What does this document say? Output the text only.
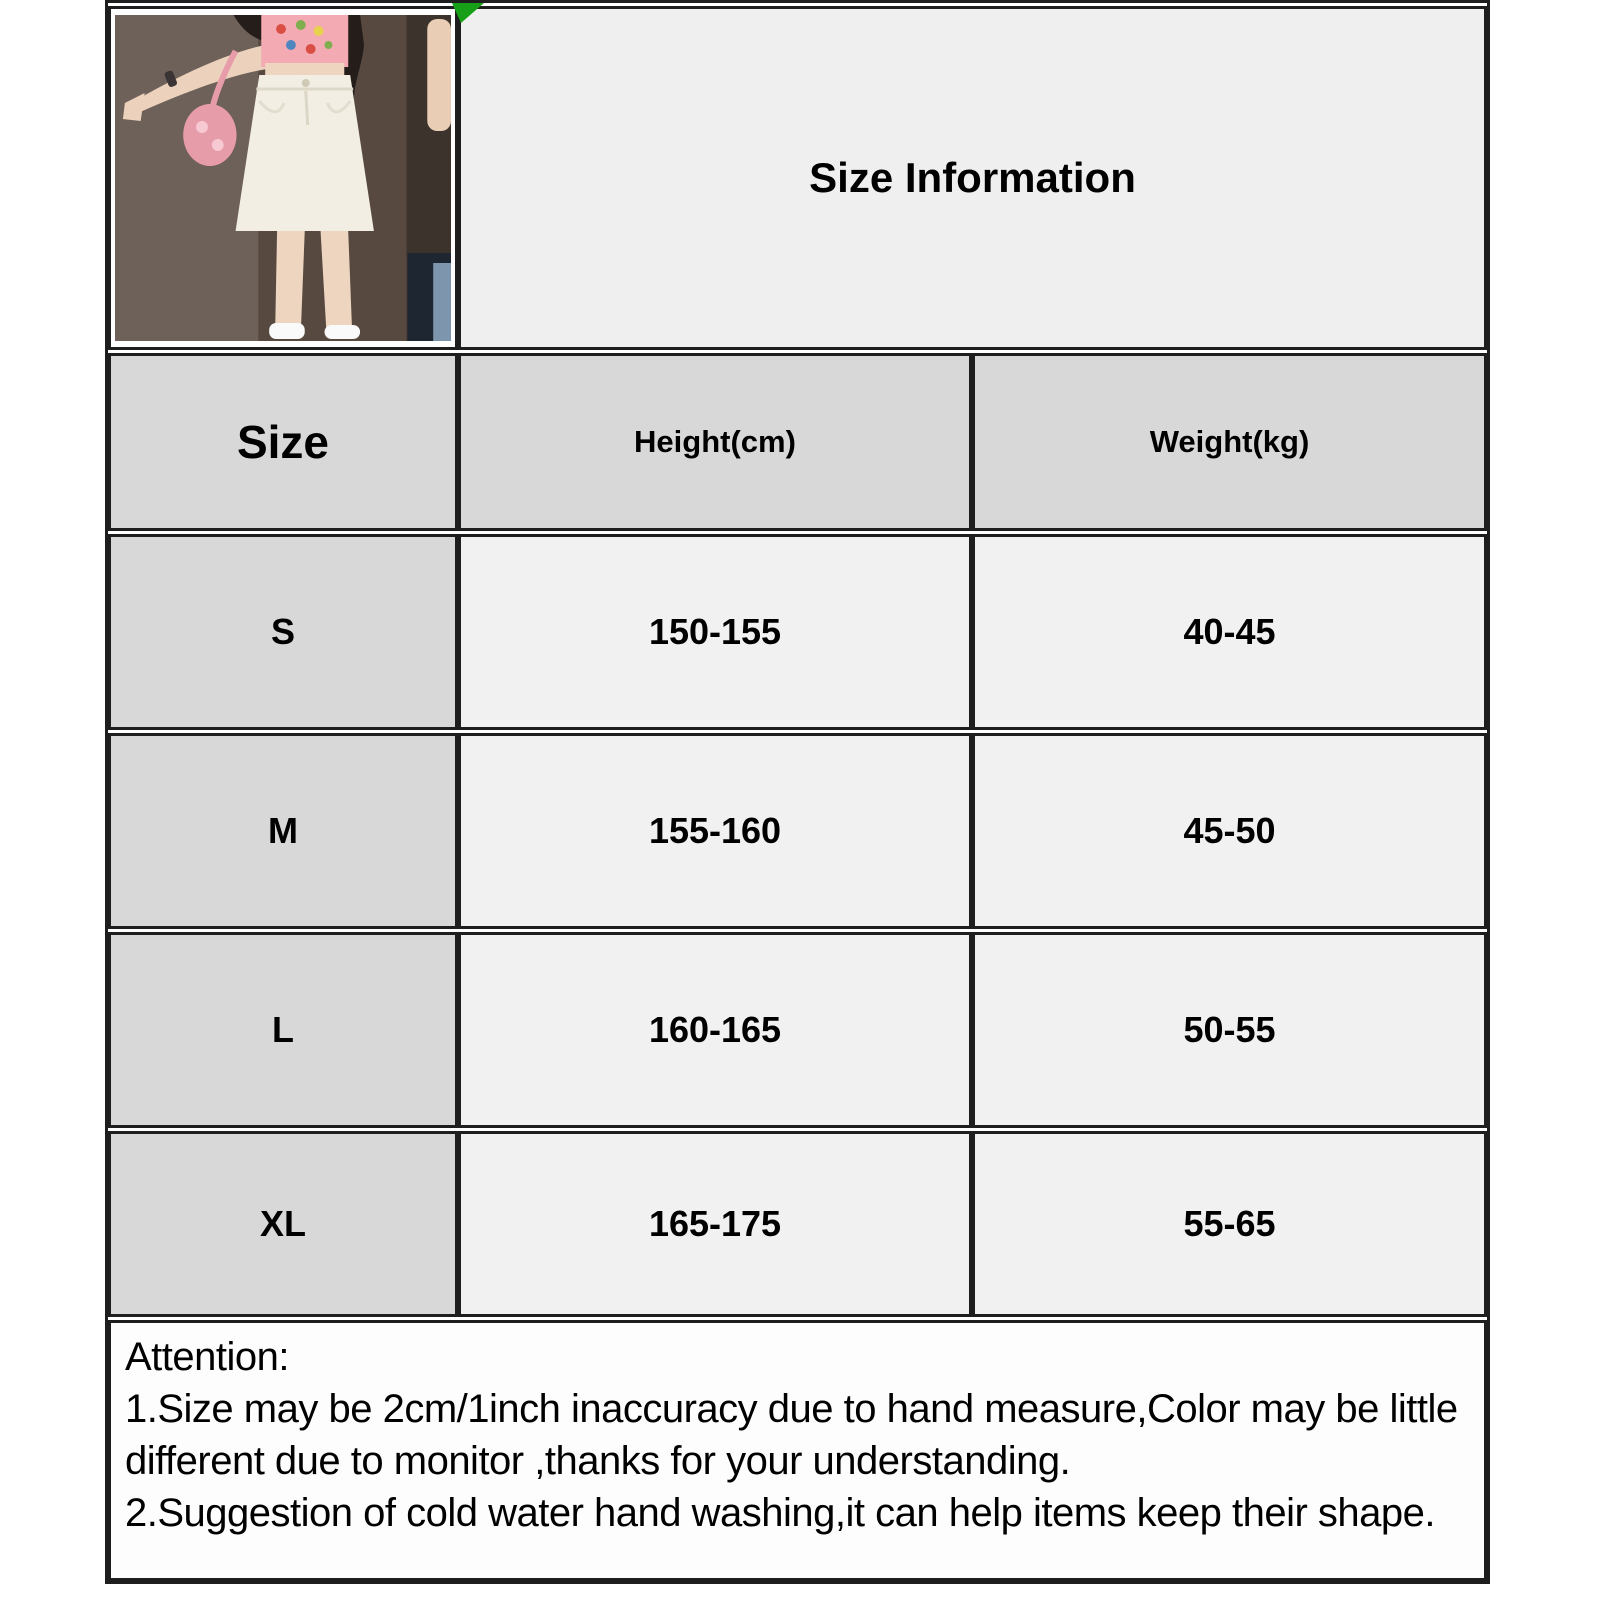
	Size Information	
Size	Height(cm)	Weight(kg)
S	150-155	40-45
M	155-160	45-50
L	160-165	50-55
XL	165-175	55-65
Attention:
1.Size may be 2cm/1inch inaccuracy due to hand measure,Color may be little different due to monitor ,thanks for your understanding.
2.Suggestion of cold water hand washing,it can help items keep their shape.
